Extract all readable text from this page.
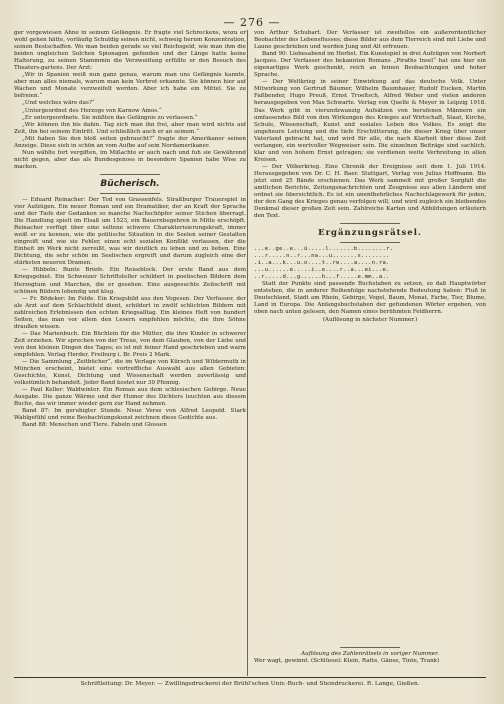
— 276 —

ger vorgewiesen Ahne in seinem Gefängnis. Er fragte viel Schreckens, wozu er wohl gehen hätte, vorläufig Schuldig seinen nicht, schweig herum Konzentration, seinen Bestschaffen. Wo man beiden gerade so viel Reichsgeld, wie man ihm die beiden ungleichen Solchen Spionagen gefunden und der Länge hatte keine Halterung, zu seinen Stammmin die Verzweiflung erfüllte er den Besuch des Theaters-gartens. Der Arzt:

„Wir in Spanien weiß nun ganz genau, warum man uns Gefängnis kannte, aber man alles niemals, warum man kein Verbrot erkannte. Sie können hier auf Wachen und Monate verzweifelt werden. Aber ich habe ein Mittel. Sie zu befreien.“

„Und welches wäre das?“

„Untergeordnet des Herzogs von Karnow Amos.“

„Er untergeordnete. Sie müßten das Gefängnis zu verlassen.“

„Wir können ihn bis dahin. Tag sich man ihn frei, aber man wird nichts auf Zeit, ihn bei seinem Eintritt. Und schließlich auch er an seinem.“

„Mit haben Sie den bloß seiten gebraucht?“ fragte der Amerikaner seinen Anzeige. Diese sieh in schön an vom Aufbe auf sein Nordamerikaner.

Nun wählte fort vergiften, im Mißachte er auch nach und fuh sie Gewährend nicht gegen, aber das als Bundesgenoss in besondere Spanien habe Wise zu macken.

Bücherisch.

— Eduard Reinacher: Der Tod von Grassenfels. Straßburger Trauerspiel in vier Aufzügen. Ein neuer Roman und ein Dramatiker, der an Kraft der Sprache und der Tiefe der Gedanken so manche Nachschöpfer seiner Stichen überragt. Die Handlung spielt im Elsaß um 1523, ein Bauernbegehren in Mitte erschöpft. Reinacher verfügt über eine seltene schwere Charakterisierungskraft, immer weiß er zu kennen, wie die politische Situation in die Seelen seiner Gestalten eingreift und wie sie Fehler, einen echt sozialen Konflikt verlassen, der die Einheit im Werk nicht zerreißt, was wir deutlich zu leben und zu lieben. Eine Dichtung, die sehr schön im Seelischen ergreift und darum zugleich eine der stärksten neueren Dramen.

— Hibbeln: Bunte Briefe. Ein Reiseblock. Der erste Band aus dem Kriegsgebiet. Ein Schweizer Schriftsteller schildert in poetischen Bildern dem Herzogtum und Marchen, die er gesehen. Eine ausgesuchte Zeitschrift mit schönen Bildern lebendig und klug.

— Fr. Bödeker: Im Felde. Ein Kriegsbild aus den Vogesen. Der Verfasser, der als Arzt auf dem Schlachtfeld dient, schildert in zwölf schlichten Bildern mit zahlreichen Erlebnissen den echten Kriegsalltag. Ein kleines Heft von hundert Seiten, das man vor allem den Lesern empfehlen möchte, die ihre Söhne draußen wissen.

— Das Marienbuch. Ein Büchlein für die Mütter, die ihre Kinder in schwerer Zeit erziehen. Wir sprechen von der Treue, von dem Glauben, von der Liebe und von den kleinen Dingen des Tages; es ist mit feiner Hand geschrieben und warm empfohlen. Verlag Herder, Freiburg i. Br. Preis 2 Mark.

— Die Sammlung „Zeitbücher“, die im Verlage von Kürsch und Wildermuth in München erscheint, bietet eine vortreffliche Auswahl aus allen Gebieten: Geschichte, Kunst, Dichtung und Wissenschaft werden zuverlässig und volkstümlich behandelt. Jeder Band kostet nur 30 Pfennig.

— Paul Keller: Waldwinter. Ein Roman aus dem schlesischen Gebirge. Neue Ausgabe. Die ganze Wärme und der Humor des Dichters leuchten aus diesem Buche, das wir immer wieder gern zur Hand nehmen.

Band 87: Im geruhigter Stunde. Neue Verse von Alfred Leopold. Stark Wahlgefühl und reine Beobachtungskunst zeichnen diese Gedichte aus.

Band 88: Menschen und Tiere. Fabeln und Glossen

von Arthur Schubart. Der Verfasser ist zweifellos ein außerordentlicher Beobachter des Lebensflusses; diese Bilder aus dem Tierreich sind mit Liebe und Laune geschrieben und werden Jung und Alt erfreuen.

Band 90: Liebesabend im Herbst. Ein Kunstspiel in drei Aufzügen von Norbert Jacques. Der Verfasser des bekannten Romans „Piraths Insel“ hat uns hier ein eigenartiges Werk geschenkt, reich an feinen Beobachtungen und hoher Sprache.

— Der Weltkrieg in seiner Einwirkung auf das deutsche Volk. Unter Mitwirkung von Gertrud Bäumer, Wilhelm Baumhauer, Rudolf Eucken, Martin Faßbender, Hugo Preuß, Ernst Troeltsch, Alfred Weber und vielen anderen herausgegeben von Max Schwarte. Verlag von Quelle & Meyer in Leipzig 1918. Das Werk gibt in vierundzwanzig Aufsätzen von berufenen Männern ein umfassendes Bild von den Wirkungen des Krieges auf Wirtschaft, Staat, Kirche, Schule, Wissenschaft, Kunst und soziales Leben des Volkes. Es zeigt die ungeheure Leistung und die tiefe Erschütterung, die dieser Krieg über unser Vaterland gebracht hat, und wird für alle, die nach Klarheit über diese Zeit verlangen, ein wertvoller Wegweiser sein. Die einzelnen Beiträge sind sachlich, klar und von hohem Ernst getragen; sie verdienen weite Verbreitung in allen Kreisen.

— Der Völkerkrieg. Eine Chronik der Ereignisse seit dem 1. Juli 1914. Herausgegeben von Dr. C. H. Baer. Stuttgart, Verlag von Julius Hoffmann. Bis jetzt sind 25 Bände erschienen. Das Werk sammelt mit großer Sorgfalt die amtlichen Berichte, Zeitungsnachrichten und Zeugnisse aus allen Ländern und ordnet sie übersichtlich. Es ist ein unentbehrliches Nachschlagewerk für jeden, der den Gang des Krieges genau verfolgen will, und wird zugleich ein bleibendes Denkmal dieser großen Zeit sein. Zahlreiche Karten und Abbildungen erläutern den Text.

Ergänzungsrätsel.
...e..ge..e...ü.....l.......b........r.
...r.....n..r...na...u.......s........
.i..a...k...u.o....t..re....a....n.ra.
...u......e.....i..e....r..a...ei...e.
..r.....d...g......h...f.....e.mm..a..

Statt der Punkte sind passende Buchstaben zu setzen, so daß Hauptwörter entstehen, die in anderer Reihenfolge nachstehende Bedeutung haben: Fluß in Deutschland, Stadt am Rhein, Gebirge, Vogel, Baum, Monat, Farbe, Tier, Blume, Land in Europa. Die Anfangsbuchstaben der gefundenen Wörter ergeben, von oben nach unten gelesen, den Namen eines berühmten Feldherrn.

(Auflösung in nächster Nummer.)

Auflösung des Zahlenrätsels in voriger Nummer.
Wer wagt, gewinnt. (Schlüssel: Klein, Ratte, Gänse, Tinte, Trank)
Schriftleitung: Dr. Meyer. — Zwillingsdruckerei der Brühl'schen Univ.-Buch- und Steindruckerei. R. Lange, Gießen.
